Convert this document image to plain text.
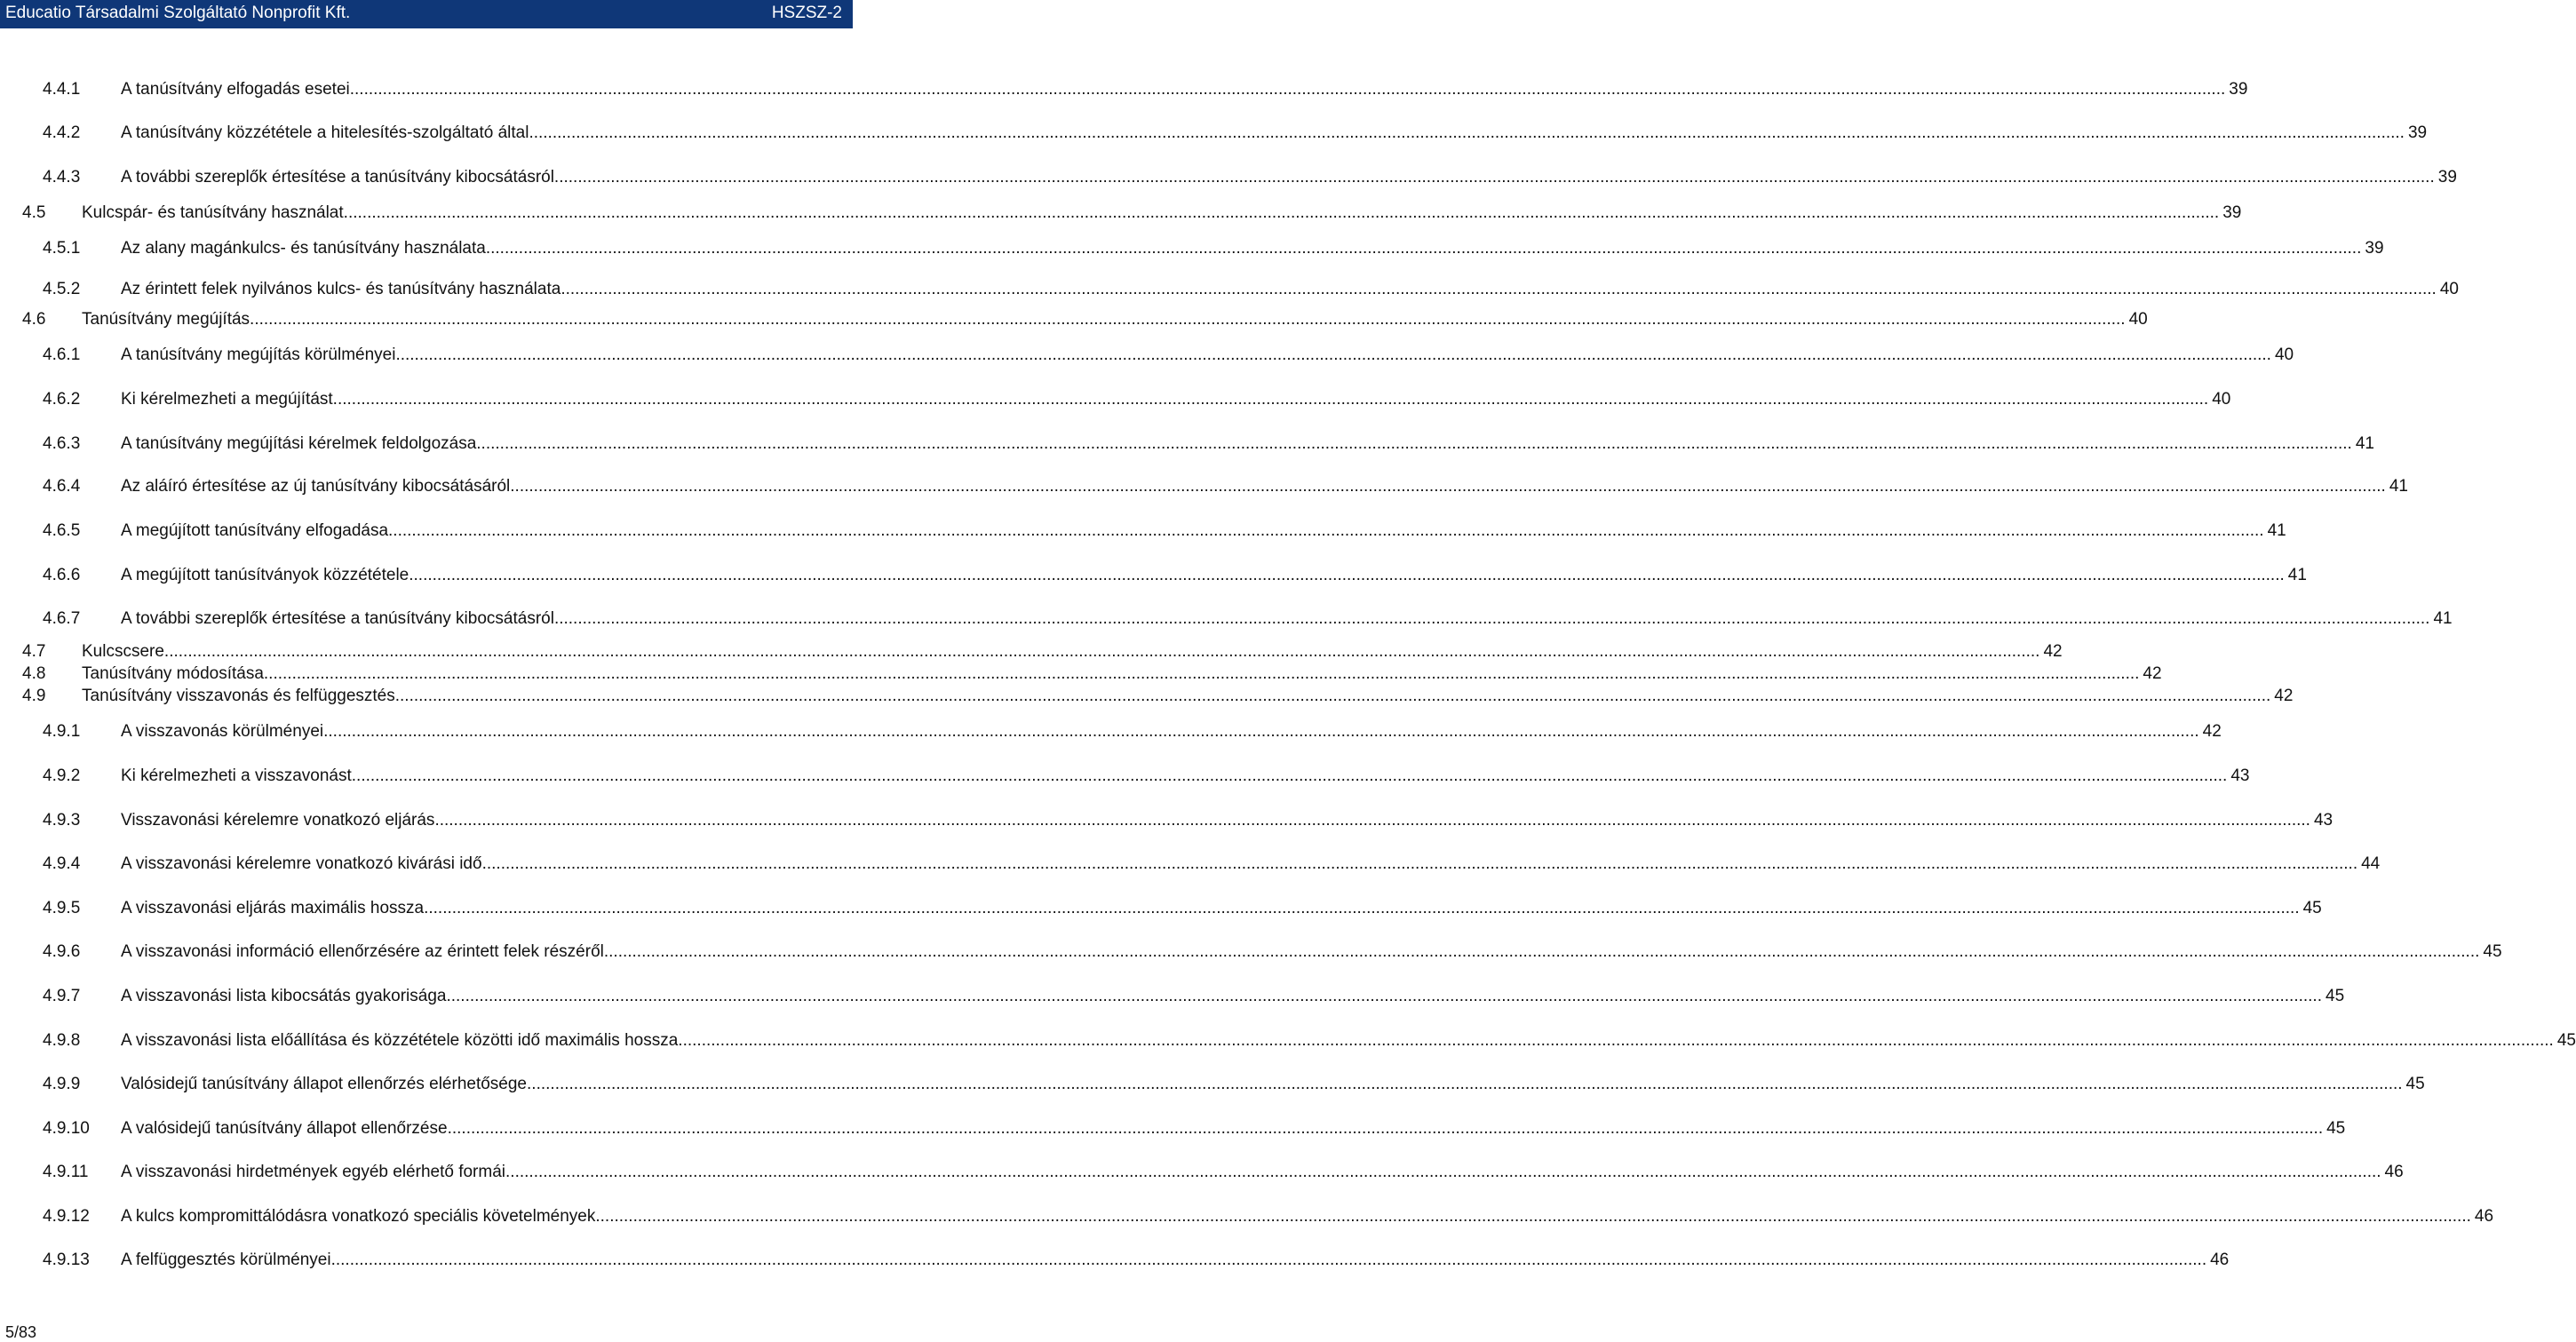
Educatio Társadalmi Szolgáltató Nonprofit Kft.	HSZSZ-2
4.4.1 A tanúsítvány elfogadás esetei ................................................................................................................................................................................................................................................................................................................................................................................................................ 39
4.4.2 A tanúsítvány közzététele a hitelesítés-szolgáltató által ................................................................................................................................................................................................................................................................................................................................................................................................................ 39
4.4.3 A további szereplők értesítése a tanúsítvány kibocsátásról. ................................................................................................................................................................................................................................................................................................................................................................................................................ 39
4.5 Kulcspár- és tanúsítvány használat ................................................................................................................................................................................................................................................................................................................................................................................................................ 39
4.5.1 Az alany magánkulcs- és tanúsítvány használata ................................................................................................................................................................................................................................................................................................................................................................................................................ 39
4.5.2 Az érintett felek nyilvános kulcs- és tanúsítvány használata ................................................................................................................................................................................................................................................................................................................................................................................................................ 40
4.6 Tanúsítvány megújítás ................................................................................................................................................................................................................................................................................................................................................................................................................ 40
4.6.1 A tanúsítvány megújítás körülményei ................................................................................................................................................................................................................................................................................................................................................................................................................ 40
4.6.2 Ki kérelmezheti a megújítást ................................................................................................................................................................................................................................................................................................................................................................................................................ 40
4.6.3 A tanúsítvány megújítási kérelmek feldolgozása ................................................................................................................................................................................................................................................................................................................................................................................................................ 41
4.6.4 Az aláíró értesítése az új tanúsítvány kibocsátásáról ................................................................................................................................................................................................................................................................................................................................................................................................................ 41
4.6.5 A megújított tanúsítvány elfogadása ................................................................................................................................................................................................................................................................................................................................................................................................................ 41
4.6.6 A megújított tanúsítványok közzététele ................................................................................................................................................................................................................................................................................................................................................................................................................ 41
4.6.7 A további szereplők értesítése a tanúsítvány kibocsátásról ................................................................................................................................................................................................................................................................................................................................................................................................................ 41
4.7 Kulcscsere ................................................................................................................................................................................................................................................................................................................................................................................................................ 42
4.8 Tanúsítvány módosítása ................................................................................................................................................................................................................................................................................................................................................................................................................ 42
4.9 Tanúsítvány visszavonás és felfüggesztés ................................................................................................................................................................................................................................................................................................................................................................................................................ 42
4.9.1 A visszavonás körülményei ................................................................................................................................................................................................................................................................................................................................................................................................................ 42
4.9.2 Ki kérelmezheti a visszavonást ................................................................................................................................................................................................................................................................................................................................................................................................................ 43
4.9.3 Visszavonási kérelemre vonatkozó eljárás ................................................................................................................................................................................................................................................................................................................................................................................................................ 43
4.9.4 A visszavonási kérelemre vonatkozó kivárási idő ................................................................................................................................................................................................................................................................................................................................................................................................................ 44
4.9.5 A visszavonási eljárás maximális hossza ................................................................................................................................................................................................................................................................................................................................................................................................................ 45
4.9.6 A visszavonási információ ellenőrzésére az érintett felek részéről ................................................................................................................................................................................................................................................................................................................................................................................................................ 45
4.9.7 A visszavonási lista kibocsátás gyakorisága ................................................................................................................................................................................................................................................................................................................................................................................................................ 45
4.9.8 A visszavonási lista előállítása és közzététele közötti idő maximális hossza ................................................................................................................................................................................................................................................................................................................................................................................................................ 45
4.9.9 Valósidejű tanúsítvány állapot ellenőrzés elérhetősége ................................................................................................................................................................................................................................................................................................................................................................................................................ 45
4.9.10 A valósidejű tanúsítvány állapot ellenőrzése ................................................................................................................................................................................................................................................................................................................................................................................................................ 45
4.9.11 A visszavonási hirdetmények egyéb elérhető formái ................................................................................................................................................................................................................................................................................................................................................................................................................ 46
4.9.12 A kulcs kompromittálódásra vonatkozó speciális követelmények ................................................................................................................................................................................................................................................................................................................................................................................................................ 46
4.9.13 A felfüggesztés körülményei ................................................................................................................................................................................................................................................................................................................................................................................................................ 46
5/83
